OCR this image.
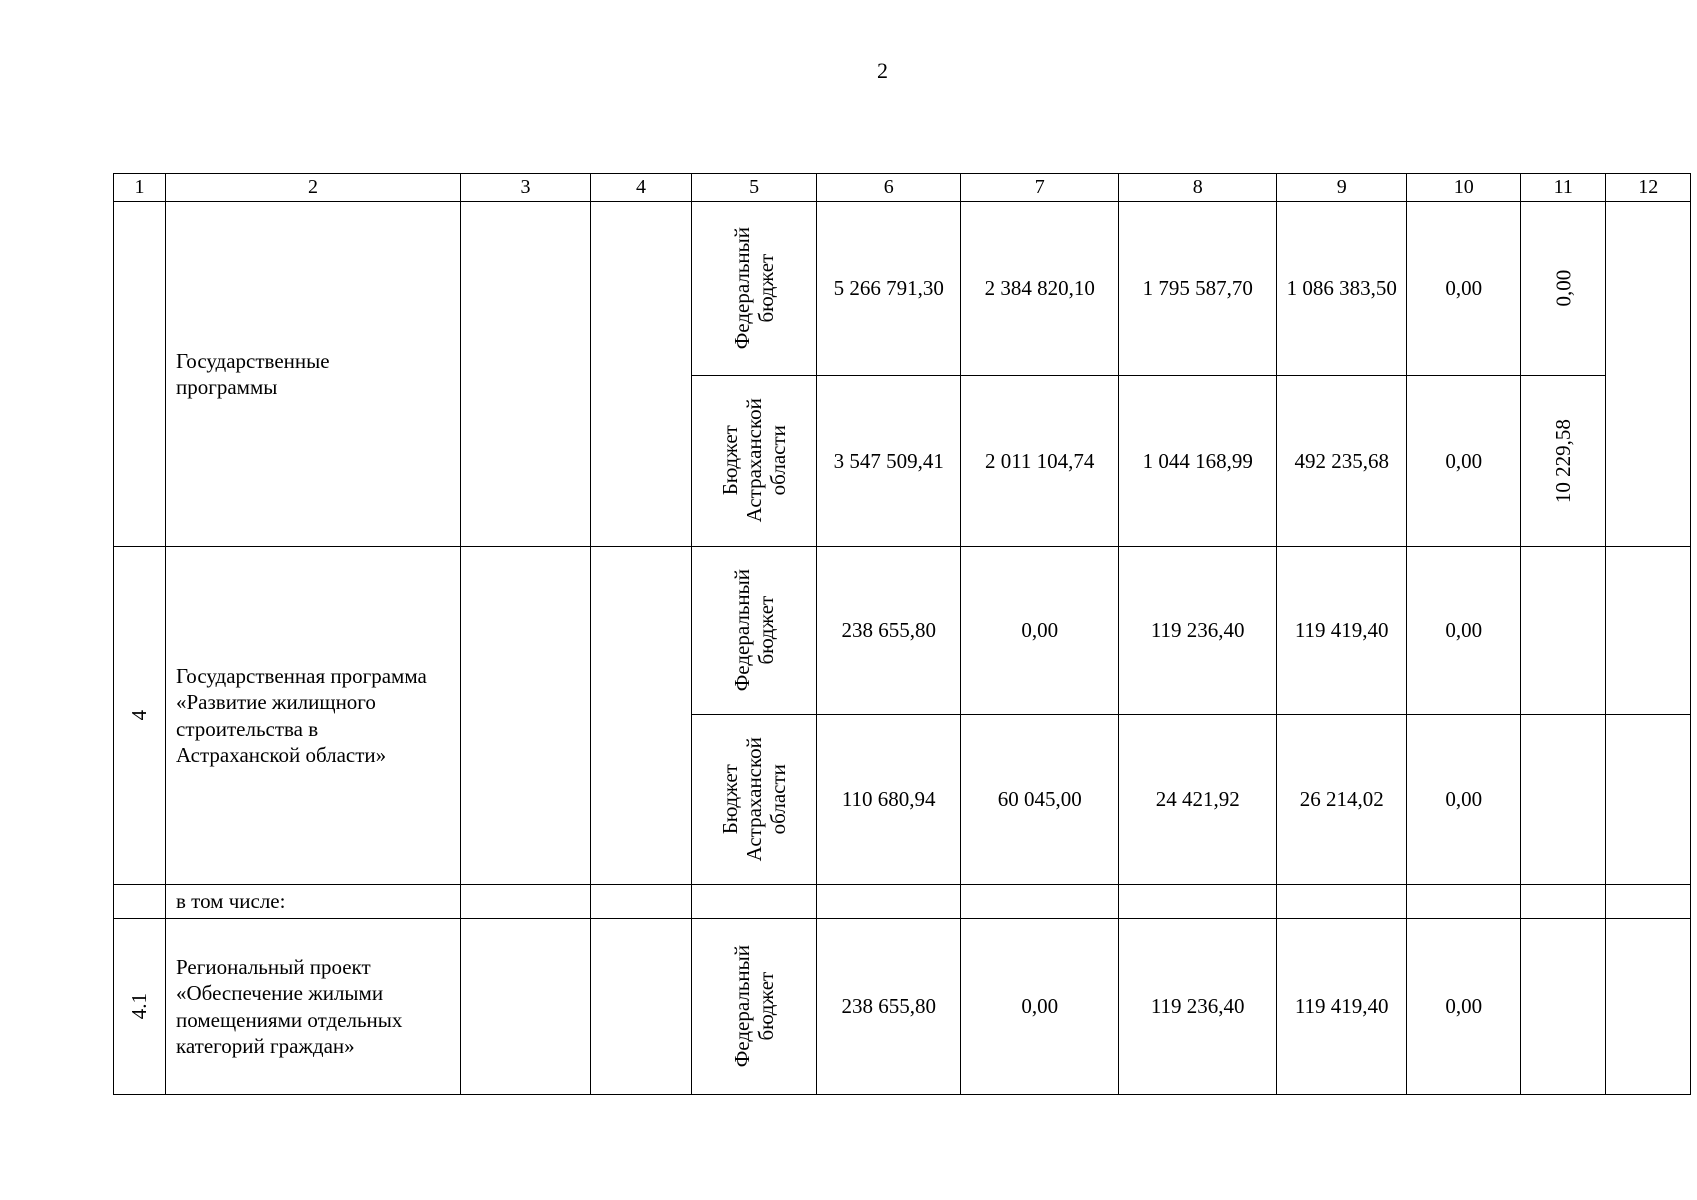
2
1	2	3	4	5	6	7	8	9	10	11	12
	Государственные
программы			Федеральный
бюджет	5 266 791,30	2 384 820,10	1 795 587,70	1 086 383,50	0,00	0,00	
				Бюджет
Астраханской
области	3 547 509,41	2 011 104,74	1 044 168,99	492 235,68	0,00	10 229,58	
4	Государственная программа
«Развитие жилищного
строительства в
Астраханской области»			Федеральный
бюджет	238 655,80	0,00	119 236,40	119 419,40	0,00		
				Бюджет
Астраханской
области	110 680,94	60 045,00	24 421,92	26 214,02	0,00		
	в том числе:										
4.1	Региональный проект
«Обеспечение жилыми
помещениями отдельных
категорий граждан»			Федеральный
бюджет	238 655,80	0,00	119 236,40	119 419,40	0,00		
